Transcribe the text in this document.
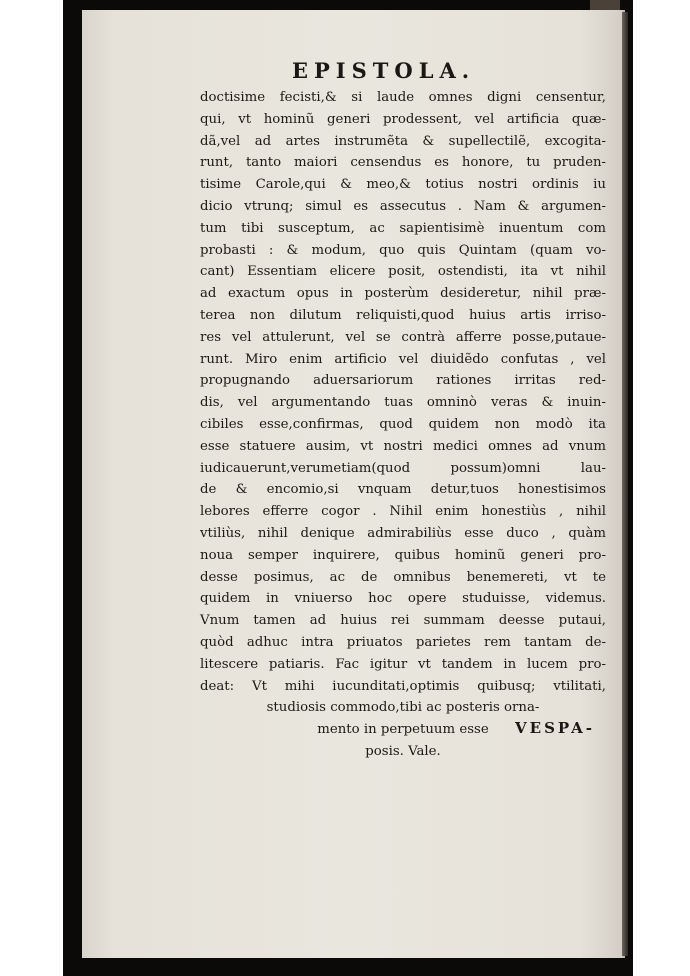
EPISTOLA.
doctisime fecisti,& si laude omnes digni censentur,
qui, vt hominũ generi prodessent, vel artificia quæ-
dã,vel ad artes instrumẽta & supellectilẽ, excogita-
runt, tanto maiori censendus es honore, tu pruden-
tisime Carole,qui & meo,& totius nostri ordinis iu
dicio vtrunq; simul es assecutus . Nam & argumen-
tum tibi susceptum, ac sapientisimè inuentum com
probasti : & modum, quo quis Quintam (quam vo-
cant) Essentiam elicere posit, ostendisti, ita vt nihil
ad exactum opus in posterùm desideretur, nihil præ-
terea non dilutum reliquisti,quod huius artis irriso-
res vel attulerunt, vel se contrà afferre posse,putaue-
runt. Miro enim artificio vel diuidẽdo confutas , vel
propugnando aduersariorum rationes irritas red-
dis, vel argumentando tuas omninò veras & inuin-
cibiles esse,confirmas, quod quidem non modò ita
esse statuere ausim, vt nostri medici omnes ad vnum
iudicauerunt,verumetiam(quod possum)omni lau-
de & encomio,si vnquam detur,tuos honestisimos
lebores efferre cogor . Nihil enim honestiùs , nihil
vtiliùs, nihil denique admirabiliùs esse duco , quàm
noua semper inquirere, quibus hominũ generi pro-
desse posimus, ac de omnibus benemereti, vt te
quidem in vniuerso hoc opere studuisse, videmus.
Vnum tamen ad huius rei summam deesse putaui,
quòd adhuc intra priuatos parietes rem tantam de-
litescere patiaris. Fac igitur vt tandem in lucem pro-
deat: Vt mihi iucunditati,optimis quibusq; vtilitati,
studiosis commodo,tibi ac posteris orna-
mento in perpetuum esse
posis. Vale.
VESPA-
